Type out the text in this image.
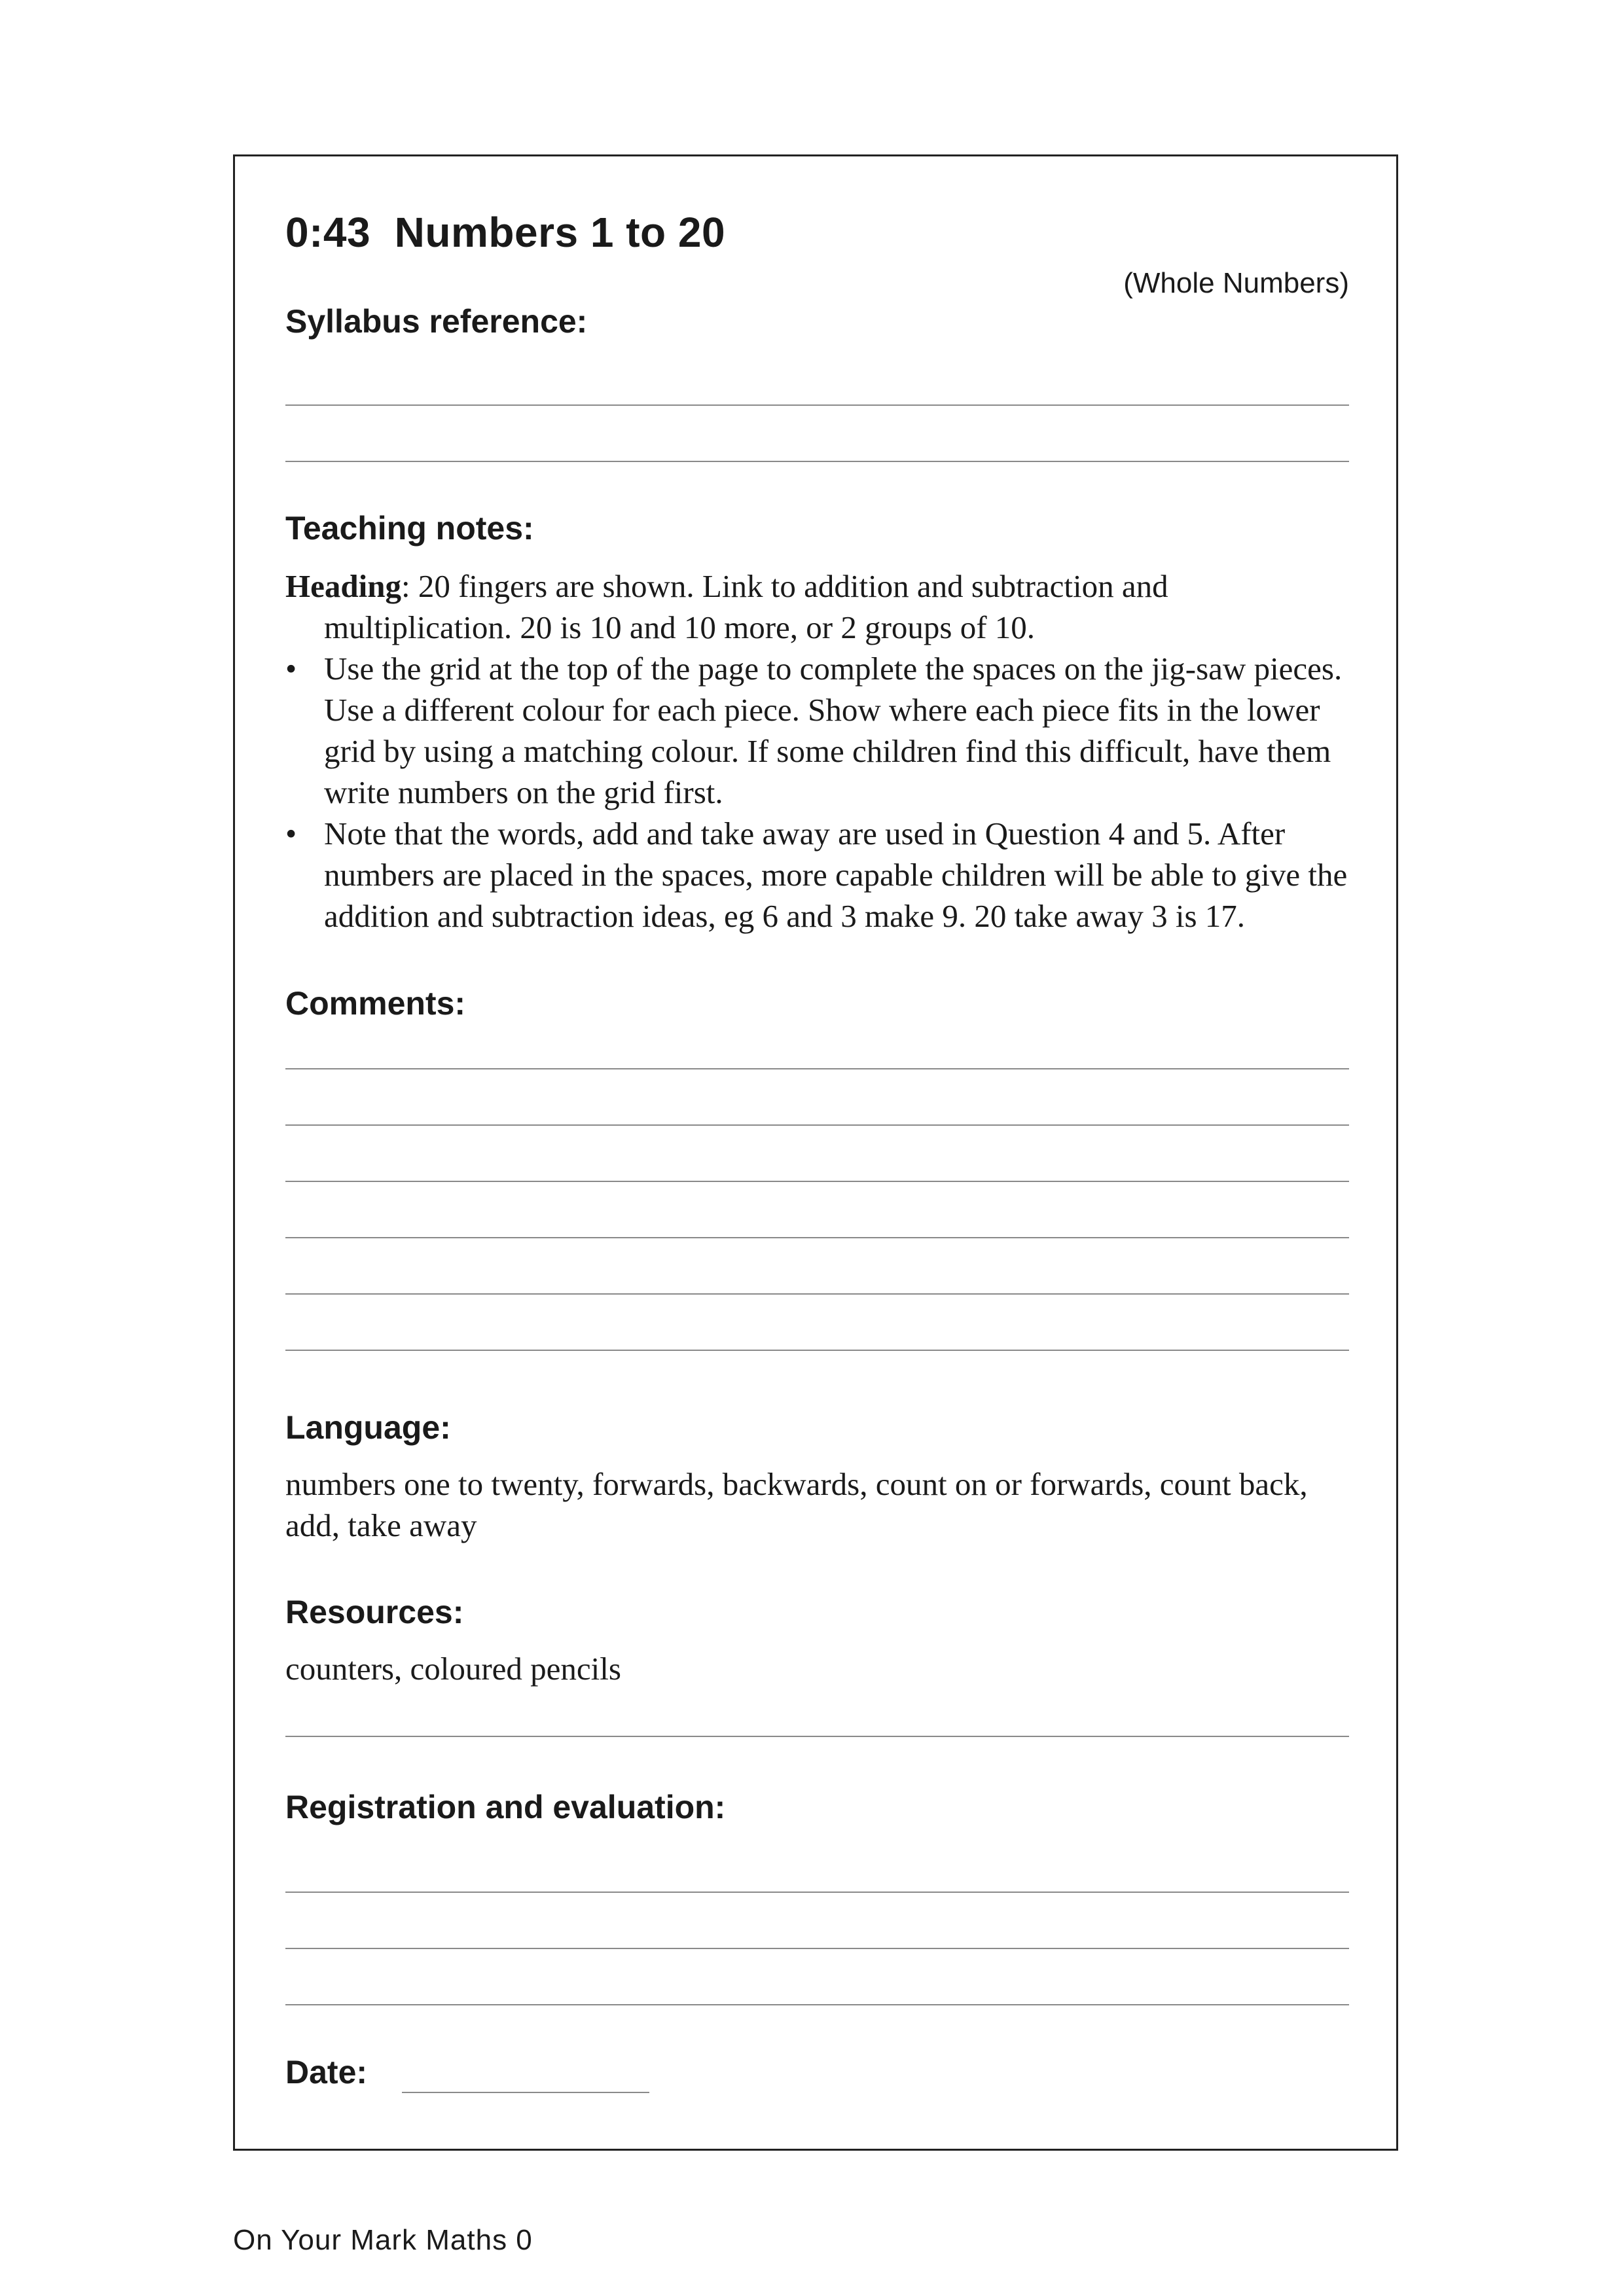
0:43  Numbers 1 to 20
(Whole Numbers)
Syllabus reference:
Teaching notes:

Heading: 20 fingers are shown. Link to addition and subtraction and multiplication. 20 is 10 and 10 more, or 2 groups of 10.

• Use the grid at the top of the page to complete the spaces on the jig-saw pieces. Use a different colour for each piece. Show where each piece fits in the lower grid by using a matching colour. If some children find this difficult, have them write numbers on the grid first.

• Note that the words, add and take away are used in Question 4 and 5. After numbers are placed in the spaces, more capable children will be able to give the addition and subtraction ideas, eg 6 and 3 make 9. 20 take away 3 is 17.

Comments:
Language:
numbers one to twenty, forwards, backwards, count on or forwards, count back, add, take away
Resources:
counters, coloured pencils
Registration and evaluation:
Date:
On Your Mark Maths 0
